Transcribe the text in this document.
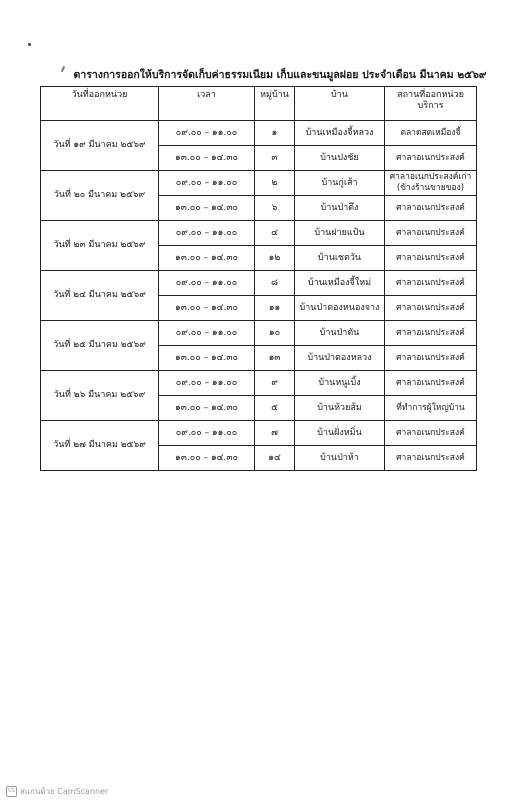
ตารางการออกให้บริการจัดเก็บค่าธรรมเนียม เก็บและขนมูลฝอย ประจำเดือน มีนาคม ๒๕๖๙
วันที่ออกหน่วย	เวลา	หมู่บ้าน	บ้าน	สถานที่ออกหน่วย บริการ
วันที่ ๑๙ มีนาคม ๒๕๖๙	๐๙.๐๐ – ๑๑.๐๐	๑	บ้านเหมืองจี้หลวง	ตลาดสดเหมืองจี้
	๑๓.๐๐ – ๑๔.๓๐	๓	บ้านปงชัย	ศาลาอเนกประสงค์
วันที่ ๒๐ มีนาคม ๒๕๖๙	๐๙.๐๐ – ๑๑.๐๐	๒	บ้านกู่เส้า	ศาลาอเนกประสงค์เก่า (ข้างร้านขายของ)
	๑๓.๐๐ – ๑๔.๓๐	๖	บ้านป่าตึง	ศาลาอเนกประสงค์
วันที่ ๒๓ มีนาคม ๒๕๖๙	๐๙.๐๐ – ๑๑.๐๐	๔	บ้านฝายแป้น	ศาลาอเนกประสงค์
	๑๓.๐๐ – ๑๔.๓๐	๑๒	บ้านเชตวัน	ศาลาอเนกประสงค์
วันที่ ๒๔ มีนาคม ๒๕๖๙	๐๙.๐๐ – ๑๑.๐๐	๘	บ้านเหมืองจี้ใหม่	ศาลาอเนกประสงค์
	๑๓.๐๐ – ๑๔.๓๐	๑๑	บ้านป่าตองหนองจาง	ศาลาอเนกประสงค์
วันที่ ๒๕ มีนาคม ๒๕๖๙	๐๙.๐๐ – ๑๑.๐๐	๑๐	บ้านป่าตัน	ศาลาอเนกประสงค์
	๑๓.๐๐ – ๑๔.๓๐	๑๓	บ้านป่าตองหลวง	ศาลาอเนกประสงค์
วันที่ ๒๖ มีนาคม ๒๕๖๙	๐๙.๐๐ – ๑๑.๐๐	๙	บ้านหนูเบิ้ง	ศาลาอเนกประสงค์
	๑๓.๐๐ – ๑๔.๓๐	๕	บ้านห้วยส้ม	ที่ทำการผู้ใหญ่บ้าน
วันที่ ๒๗ มีนาคม ๒๕๖๙	๐๙.๐๐ – ๑๑.๐๐	๗	บ้านฝั่งหมิ่น	ศาลาอเนกประสงค์
	๑๓.๐๐ – ๑๔.๓๐	๑๔	บ้านป่าห้า	ศาลาอเนกประสงค์
CS สแกนด้วย CamScanner
